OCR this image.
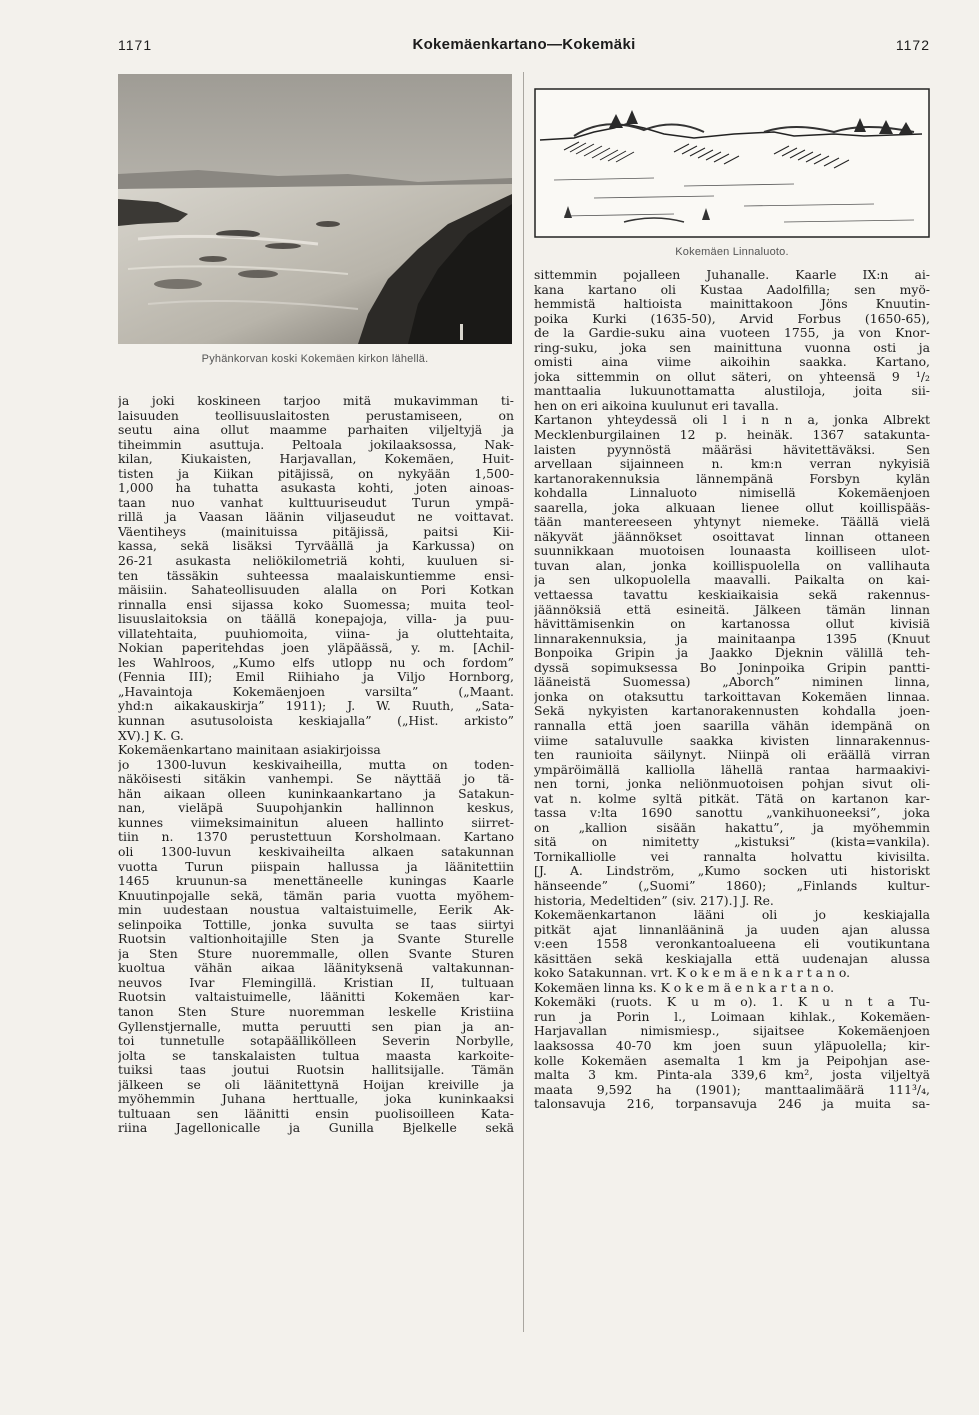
1171	Kokemäenkartano—Kokemäki	1172
Pyhänkorvan koski Kokemäen kirkon lähellä.
Kokemäen Linnaluoto.
ja joki koskineen tarjoo mitä mukavimman ti-
laisuuden teollisuuslaitosten perustamiseen, on
seutu aina ollut maamme parhaiten viljeltyjä ja
tiheimmin asuttuja. Peltoala jokilaaksossa, Nak-
kilan, Kiukaisten, Harjavallan, Kokemäen, Huit-
tisten ja Kiikan pitäjissä, on nykyään 1,500-
1,000 ha tuhatta asukasta kohti, joten ainoas-
taan nuo vanhat kulttuuriseudut Turun ympä-
rillä ja Vaasan läänin viljaseudut ne voittavat.
Väentiheys (mainituissa pitäjissä, paitsi Kii-
kassa, sekä lisäksi Tyrväällä ja Karkussa) on
26-21 asukasta neliökilometriä kohti, kuuluen si-
ten tässäkin suhteessa maalaiskuntiemme ensi-
mäisiin. Sahateollisuuden alalla on Pori Kotkan
rinnalla ensi sijassa koko Suomessa; muita teol-
lisuuslaitoksia on täällä konepajoja, villa- ja puu-
villatehtaita, puuhiomoita, viina- ja oluttehtaita,
Nokian paperitehdas joen yläpäässä, y. m. [Achil-
les Wahlroos, „Kumo elfs utlopp nu och fordom”
(Fennia III); Emil Riihiaho ja Viljo Hornborg,
„Havaintoja Kokemäenjoen varsilta” („Maant.
yhd:n aikakauskirja” 1911); J. W. Ruuth, „Sata-
kunnan asutusoloista keskiajalla” („Hist. arkisto”
XV).] K. G.
Kokemäenkartano mainitaan asiakirjoissa
jo 1300-luvun keskivaiheilla, mutta on toden-
näköisesti sitäkin vanhempi. Se näyttää jo tä-
hän aikaan olleen kuninkaankartano ja Satakun-
nan, vieläpä Suupohjankin hallinnon keskus,
kunnes viimeksimainitun alueen hallinto siirret-
tiin n. 1370 perustettuun Korsholmaan. Kartano
oli 1300-luvun keskivaiheilta alkaen satakunnan
vuotta Turun piispain hallussa ja läänitettiin
1465 kruunun-sa menettäneelle kuningas Kaarle
Knuutinpojalle sekä, tämän paria vuotta myöhem-
min uudestaan noustua valtaistuimelle, Eerik Ak-
selinpoika Tottille, jonka suvulta se taas siirtyi
Ruotsin valtionhoitajille Sten ja Svante Sturelle
ja Sten Sture nuoremmalle, ollen Svante Sturen
kuoltua vähän aikaa läänityksenä valtakunnan-
neuvos Ivar Flemingillä. Kristian II, tultuaan
Ruotsin valtaistuimelle, läänitti Kokemäen kar-
tanon Sten Sture nuoremman leskelle Kristiina
Gyllenstjernalle, mutta peruutti sen pian ja an-
toi tunnetulle sotapäällikölleen Severin Norbylle,
jolta se tanskalaisten tultua maasta karkoite-
tuiksi taas joutui Ruotsin hallitsijalle. Tämän
jälkeen se oli läänitettynä Hoijan kreiville ja
myöhemmin Juhana herttualle, joka kuninkaaksi
tultuaan sen läänitti ensin puolisoilleen Kata-
riina Jagellonicalle ja Gunilla Bjelkelle sekä
sittemmin pojalleen Juhanalle. Kaarle IX:n ai-
kana kartano oli Kustaa Aadolfilla; sen myö-
hemmistä haltioista mainittakoon Jöns Knuutin-
poika Kurki (1635-50), Arvid Forbus (1650-65),
de la Gardie-suku aina vuoteen 1755, ja von Knor-
ring-suku, joka sen mainittuna vuonna osti ja
omisti aina viime aikoihin saakka. Kartano,
joka sittemmin on ollut säteri, on yhteensä 9 ¹/₂
manttaalia lukuunottamatta alustiloja, joita sii-
hen on eri aikoina kuulunut eri tavalla.
Kartanon yhteydessä oli l i n n a, jonka Albrekt
Mecklenburgilainen 12 p. heinäk. 1367 satakunta-
laisten pyynnöstä määräsi hävitettäväksi. Sen
arvellaan sijainneen n. km:n verran nykyisiä
kartanorakennuksia lännempänä Forsbyn kylän
kohdalla Linnaluoto nimisellä Kokemäenjoen
saarella, joka alkuaan lienee ollut koillispääs-
tään mantereeseen yhtynyt niemeke. Täällä vielä
näkyvät jäännökset osoittavat linnan ottaneen
suunnikkaan muotoisen lounaasta koilliseen ulot-
tuvan alan, jonka koillispuolella on vallihauta
ja sen ulkopuolella maavalli. Paikalta on kai-
vettaessa tavattu keskiaikaisia sekä rakennus-
jäännöksiä että esineitä. Jälkeen tämän linnan
hävittämisenkin on kartanossa ollut kivisiä
linnarakennuksia, ja mainitaanpa 1395 (Knuut
Bonpoika Gripin ja Jaakko Djeknin välillä teh-
dyssä sopimuksessa Bo Joninpoika Gripin pantti-
lääneistä Suomessa) „Aborch” niminen linna,
jonka on otaksuttu tarkoittavan Kokemäen linnaa.
Sekä nykyisten kartanorakennusten kohdalla joen-
rannalla että joen saarilla vähän idempänä on
viime sataluvulle saakka kivisten linnarakennus-
ten raunioita säilynyt. Niinpä oli eräällä virran
ympäröimällä kalliolla lähellä rantaa harmaakivi-
nen torni, jonka neliönmuotoisen pohjan sivut oli-
vat n. kolme syltä pitkät. Tätä on kartanon kar-
tassa v:lta 1690 sanottu „vankihuoneeksi”, joka
on „kallion sisään hakattu”, ja myöhemmin
sitä on nimitetty „kistuksi” (kista=vankila).
Tornikalliolle vei rannalta holvattu kivisilta.
[J. A. Lindström, „Kumo socken uti historiskt
hänseende” („Suomi” 1860); „Finlands kultur-
historia, Medeltiden” (siv. 217).] J. Re.
Kokemäenkartanon lääni oli jo keskiajalla
pitkät ajat linnanlääninä ja uuden ajan alussa
v:een 1558 veronkantoalueena eli voutikuntana
käsittäen sekä keskiajalla että uudenajan alussa
koko Satakunnan. vrt. K o k e m ä e n k a r t a n o.
Kokemäen linna ks. K o k e m ä e n k a r t a n o.
Kokemäki (ruots. K u m o). 1. K u n t a Tu-
run ja Porin l., Loimaan kihlak., Kokemäen-
Harjavallan nimismiesp., sijaitsee Kokemäenjoen
laaksossa 40-70 km joen suun yläpuolella; kir-
kolle Kokemäen asemalta 1 km ja Peipohjan ase-
malta 3 km. Pinta-ala 339,6 km², josta viljeltyä
maata 9,592 ha (1901); manttaalimäärä 111³/₄,
talonsavuja 216, torpansavuja 246 ja muita sa-
